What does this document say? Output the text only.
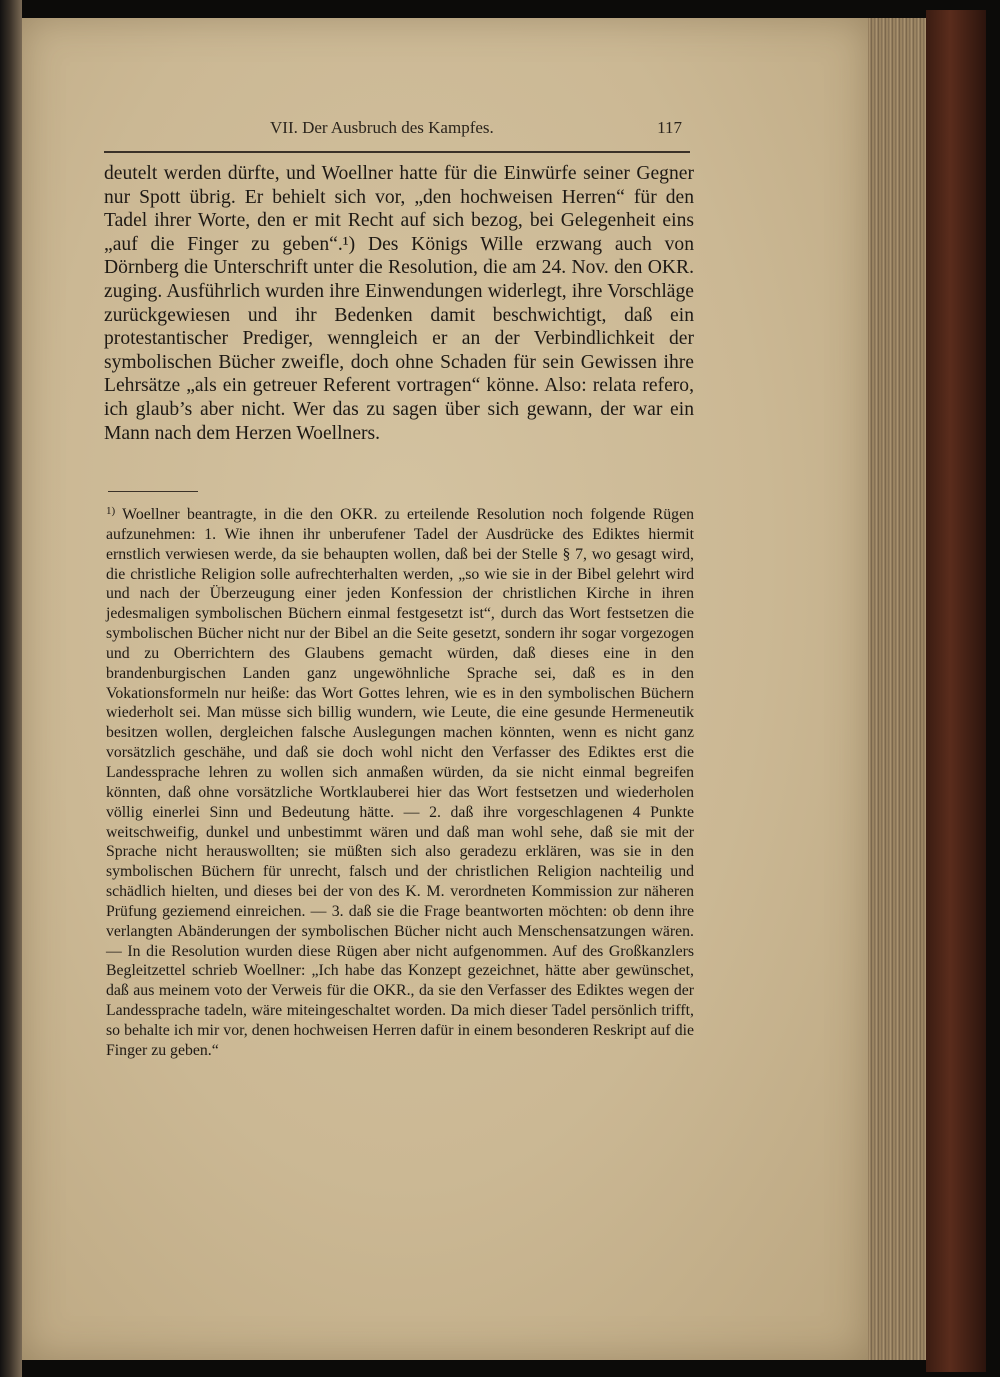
VII. Der Ausbruch des Kampfes.	117

deutelt werden dürfte, und Woellner hatte für die Einwürfe seiner Gegner nur Spott übrig. Er behielt sich vor, „den hochweisen Herren“ für den Tadel ihrer Worte, den er mit Recht auf sich bezog, bei Gelegenheit eins „auf die Finger zu geben“.¹) Des Königs Wille erzwang auch von Dörnberg die Unterschrift unter die Resolution, die am 24. Nov. den OKR. zuging. Ausführlich wurden ihre Einwendungen widerlegt, ihre Vorschläge zurückgewiesen und ihr Bedenken damit beschwichtigt, daß ein protestantischer Prediger, wenngleich er an der Verbindlichkeit der symbolischen Bücher zweifle, doch ohne Schaden für sein Gewissen ihre Lehrsätze „als ein getreuer Referent vortragen“ könne. Also: relata refero, ich glaub’s aber nicht. Wer das zu sagen über sich gewann, der war ein Mann nach dem Herzen Woellners.

$^{1)}$ Woellner beantragte, in die den OKR. zu erteilende Resolution noch folgende Rügen aufzunehmen: 1. Wie ihnen ihr unberufener Tadel der Ausdrücke des Ediktes hiermit ernstlich verwiesen werde, da sie behaupten wollen, daß bei der Stelle § 7, wo gesagt wird, die christliche Religion solle aufrechterhalten werden, „so wie sie in der Bibel gelehrt wird und nach der Überzeugung einer jeden Konfession der christlichen Kirche in ihren jedesmaligen symbolischen Büchern einmal festgesetzt ist“, durch das Wort festsetzen die symbolischen Bücher nicht nur der Bibel an die Seite gesetzt, sondern ihr sogar vorgezogen und zu Oberrichtern des Glaubens gemacht würden, daß dieses eine in den brandenburgischen Landen ganz ungewöhnliche Sprache sei, daß es in den Vokationsformeln nur heiße: das Wort Gottes lehren, wie es in den symbolischen Büchern wiederholt sei. Man müsse sich billig wundern, wie Leute, die eine gesunde Hermeneutik besitzen wollen, dergleichen falsche Auslegungen machen könnten, wenn es nicht ganz vorsätzlich geschähe, und daß sie doch wohl nicht den Verfasser des Ediktes erst die Landessprache lehren zu wollen sich anmaßen würden, da sie nicht einmal begreifen könnten, daß ohne vorsätzliche Wortklauberei hier das Wort festsetzen und wiederholen völlig einerlei Sinn und Bedeutung hätte. — 2. daß ihre vorgeschlagenen 4 Punkte weitschweifig, dunkel und unbestimmt wären und daß man wohl sehe, daß sie mit der Sprache nicht herauswollten; sie müßten sich also geradezu erklären, was sie in den symbolischen Büchern für unrecht, falsch und der christlichen Religion nachteilig und schädlich hielten, und dieses bei der von des K. M. verordneten Kommission zur näheren Prüfung geziemend einreichen. — 3. daß sie die Frage beantworten möchten: ob denn ihre verlangten Abänderungen der symbolischen Bücher nicht auch Menschensatzungen wären. — In die Resolution wurden diese Rügen aber nicht aufgenommen. Auf des Großkanzlers Begleitzettel schrieb Woellner: „Ich habe das Konzept gezeichnet, hätte aber gewünschet, daß aus meinem voto der Verweis für die OKR., da sie den Verfasser des Ediktes wegen der Landessprache tadeln, wäre miteingeschaltet worden. Da mich dieser Tadel persönlich trifft, so behalte ich mir vor, denen hochweisen Herren dafür in einem besonderen Reskript auf die Finger zu geben.“
